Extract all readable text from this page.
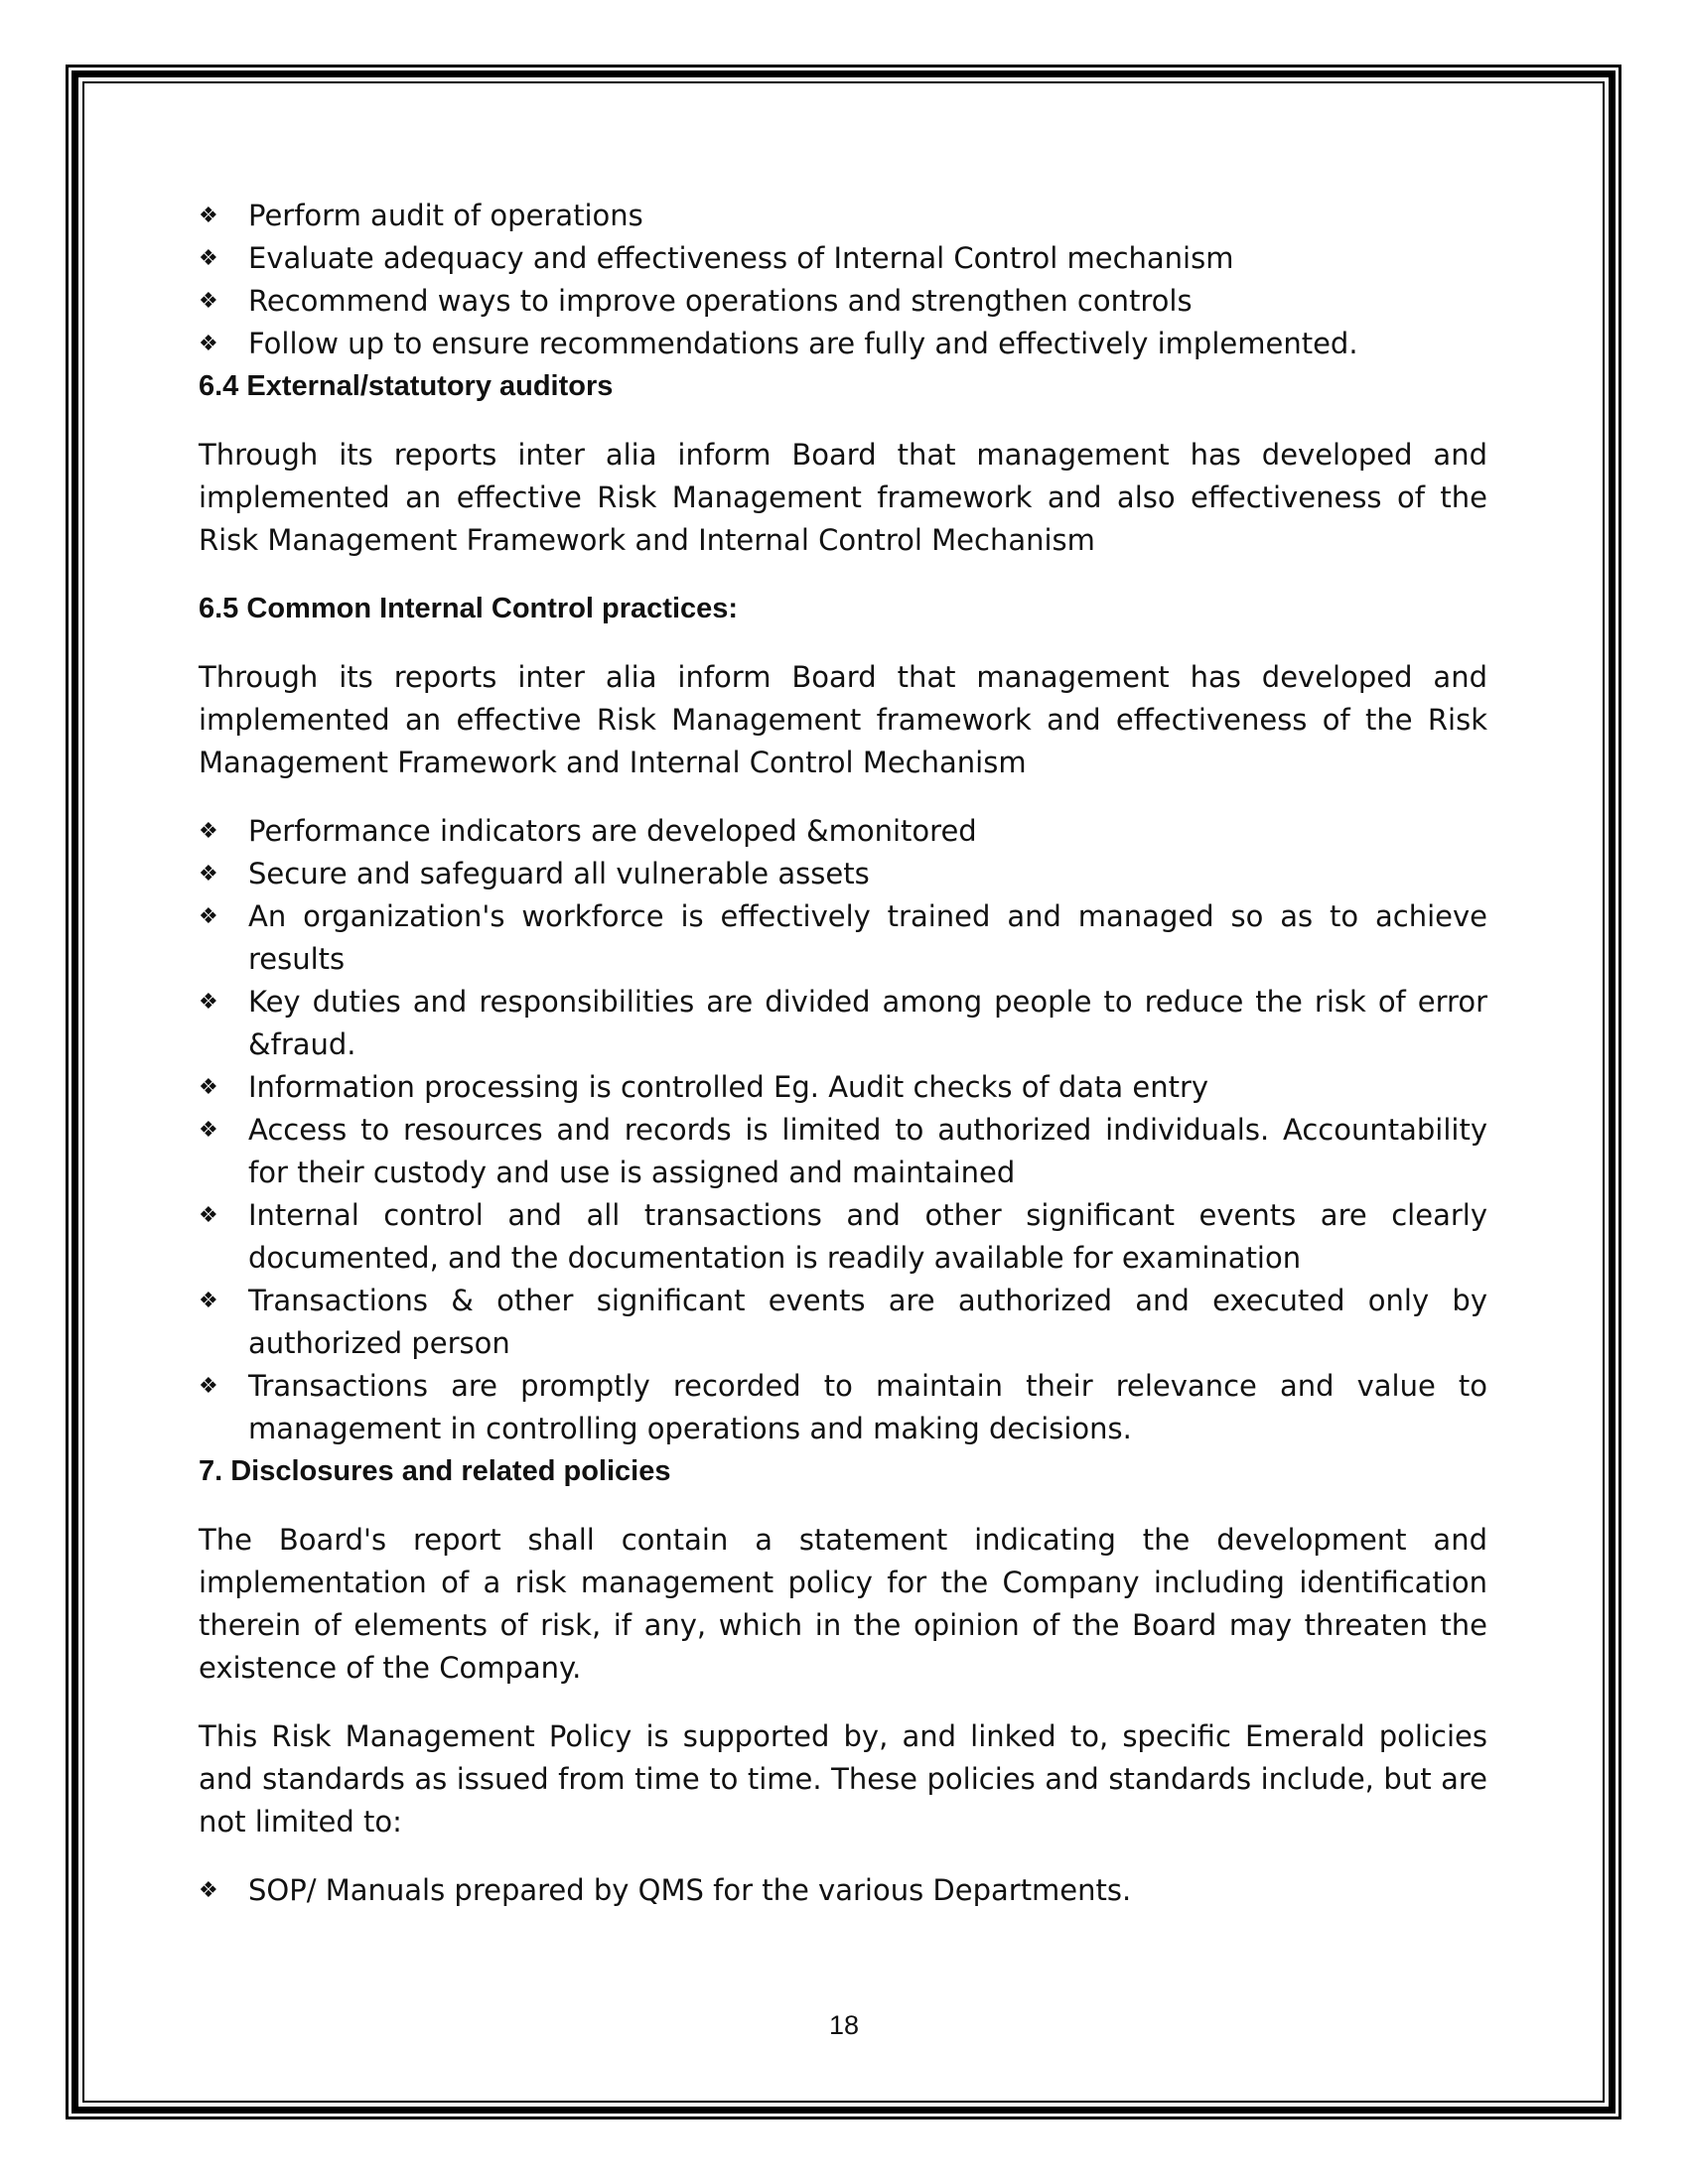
❖ Perform audit of operations
❖ Evaluate adequacy and effectiveness of Internal Control mechanism
❖ Recommend ways to improve operations and strengthen controls
❖ Follow up to ensure recommendations are fully and effectively implemented.
6.4 External/statutory auditors

Through its reports inter alia inform Board that management has developed and implemented an effective Risk Management framework and also effectiveness of the Risk Management Framework and Internal Control Mechanism

6.5 Common Internal Control practices:

Through its reports inter alia inform Board that management has developed and implemented an effective Risk Management framework and effectiveness of the Risk Management Framework and Internal Control Mechanism

❖ Performance indicators are developed &monitored
❖ Secure and safeguard all vulnerable assets
❖ An organization's workforce is effectively trained and managed so as to achieve results
❖ Key duties and responsibilities are divided among people to reduce the risk of error &fraud.
❖ Information processing is controlled Eg. Audit checks of data entry
❖ Access to resources and records is limited to authorized individuals. Accountability for their custody and use is assigned and maintained
❖ Internal control and all transactions and other significant events are clearly documented, and the documentation is readily available for examination
❖ Transactions & other significant events are authorized and executed only by authorized person
❖ Transactions are promptly recorded to maintain their relevance and value to management in controlling operations and making decisions.
7. Disclosures and related policies

The Board's report shall contain a statement indicating the development and implementation of a risk management policy for the Company including identification therein of elements of risk, if any, which in the opinion of the Board may threaten the existence of the Company.

This Risk Management Policy is supported by, and linked to, specific Emerald policies and standards as issued from time to time. These policies and standards include, but are not limited to:

❖ SOP/ Manuals prepared by QMS for the various Departments.
18
